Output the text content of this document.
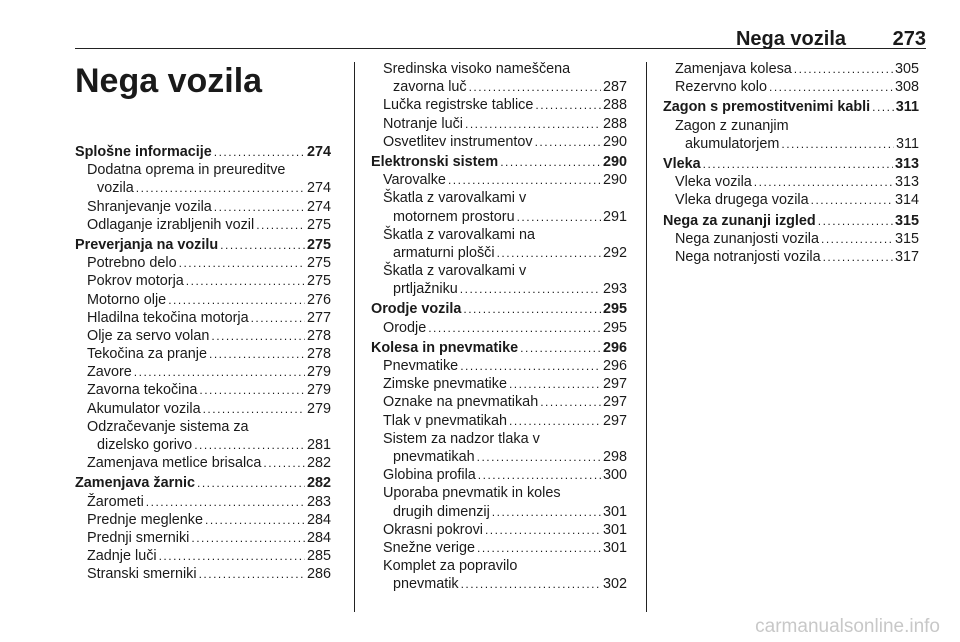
Nega vozila 273
Nega vozila
Splošne informacije .....	274
Dodatna oprema in preureditve
vozila .....	274
Shranjevanje vozila .....	274
Odlaganje izrabljenih vozil .....	275
Preverjanja na vozilu .....	275
Potrebno delo .....	275
Pokrov motorja .....	275
Motorno olje .....	276
Hladilna tekočina motorja .....	277
Olje za servo volan .....	278
Tekočina za pranje .....	278
Zavore .....	279
Zavorna tekočina .....	279
Akumulator vozila .....	279
Odzračevanje sistema za
dizelsko gorivo .....	281
Zamenjava metlice brisalca .....	282
Zamenjava žarnic .....	282
Žarometi .....	283
Prednje meglenke .....	284
Prednji smerniki .....	284
Zadnje luči .....	285
Stranski smerniki .....	286
Sredinska visoko nameščena
zavorna luč .....	287
Lučka registrske tablice .....	288
Notranje luči .....	288
Osvetlitev instrumentov .....	290
Elektronski sistem .....	290
Varovalke .....	290
Škatla z varovalkami v
motornem prostoru .....	291
Škatla z varovalkami na
armaturni plošči .....	292
Škatla z varovalkami v
prtljažniku .....	293
Orodje vozila .....	295
Orodje .....	295
Kolesa in pnevmatike .....	296
Pnevmatike .....	296
Zimske pnevmatike .....	297
Oznake na pnevmatikah .....	297
Tlak v pnevmatikah .....	297
Sistem za nadzor tlaka v
pnevmatikah .....	298
Globina profila .....	300
Uporaba pnevmatik in koles
drugih dimenzij .....	301
Okrasni pokrovi .....	301
Snežne verige .....	301
Komplet za popravilo
pnevmatik .....	302
Zamenjava kolesa .....	305
Rezervno kolo .....	308
Zagon s premostitvenimi kabli ..... 311
Zagon z zunanjim
akumulatorjem .....	311
Vleka .....	313
Vleka vozila .....	313
Vleka drugega vozila .....	314
Nega za zunanji izgled .....	315
Nega zunanjosti vozila .....	315
Nega notranjosti vozila .....	317
carmanualsonline.info
